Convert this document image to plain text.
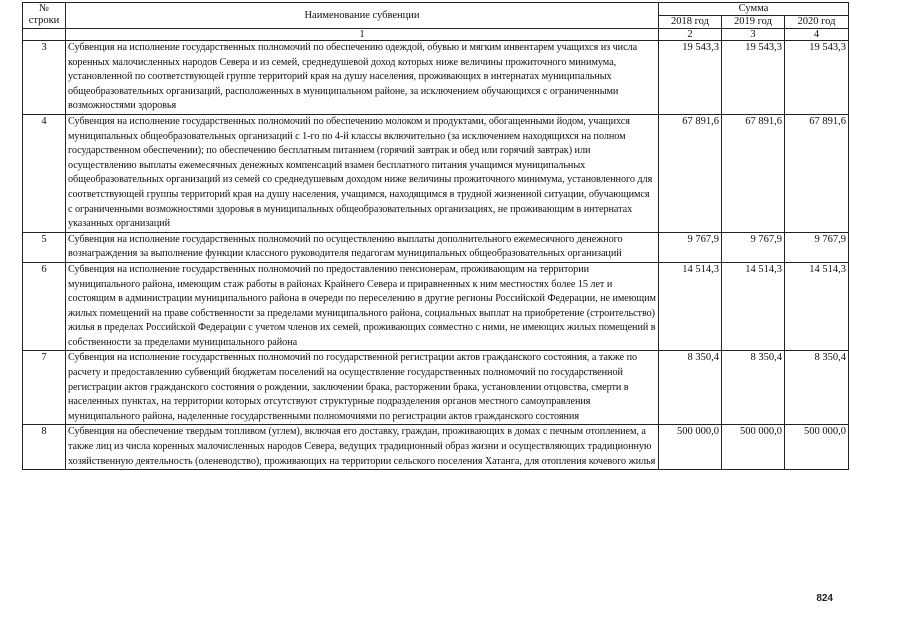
№
строки	Наименование субвенции	Сумма		
		2018 год	2019 год	2020 год
	1	2	3	4
3	Субвенция на исполнение государственных полномочий по обеспечению одеждой, обувью и мягким инвентарем учащихся из числа коренных малочисленных народов Севера и из семей, среднедушевой доход которых ниже величины прожиточного минимума, установленной по соответствующей группе территорий края на душу населения, проживающих в интернатах муниципальных общеобразовательных организаций, расположенных в муниципальном районе, за исключением обучающихся с ограниченными возможностями здоровья	19 543,3	19 543,3	19 543,3
4	Субвенция на исполнение государственных полномочий по обеспечению молоком и продуктами, обогащенными йодом, учащихся муниципальных общеобразовательных организаций с 1-го по 4-й классы включительно (за исключением находящихся на полном государственном обеспечении); по обеспечению бесплатным питанием (горячий завтрак и обед или горячий завтрак) или осуществлению выплаты ежемесячных денежных компенсаций взамен бесплатного питания учащимся муниципальных общеобразовательных организаций из семей со среднедушевым доходом ниже величины прожиточного минимума, установленного для соответствующей группы территорий края на душу населения, учащимся, находящимся в трудной жизненной ситуации, обучающимся с ограниченными возможностями здоровья в муниципальных общеобразовательных организациях, не проживающим в интернатах указанных организаций	67 891,6	67 891,6	67 891,6
5	Субвенция на исполнение государственных полномочий по осуществлению выплаты дополнительного ежемесячного денежного вознаграждения за выполнение функции классного руководителя педагогам муниципальных общеобразовательных организаций	9 767,9	9 767,9	9 767,9
6	Субвенция на исполнение государственных полномочий по предоставлению пенсионерам, проживающим на территории муниципального района, имеющим стаж работы в районах Крайнего Севера и приравненных к ним местностях более 15 лет и состоящим в администрации муниципального района в очереди по переселению в другие регионы Российской Федерации, не имеющим жилых помещений на праве собственности за пределами муниципального района, социальных выплат на приобретение (строительство) жилья в пределах Российской Федерации с учетом членов их семей, проживающих совместно с ними, не имеющих жилых помещений в собственности за пределами муниципального района	14 514,3	14 514,3	14 514,3
7	Субвенция на исполнение государственных полномочий по государственной регистрации актов гражданского состояния, а также по расчету и предоставлению субвенций бюджетам поселений на осуществление государственных полномочий по государственной регистрации актов гражданского состояния о рождении, заключении брака, расторжении брака, установлении отцовства, смерти в населенных пунктах, на территории которых отсутствуют структурные подразделения органов местного самоуправления муниципального района, наделенные государственными полномочиями по регистрации актов гражданского состояния	8 350,4	8 350,4	8 350,4
8	Субвенция на обеспечение твердым топливом (углем), включая его доставку, граждан, проживающих в домах с печным отоплением, а также лиц из числа коренных малочисленных народов Севера, ведущих традиционный образ жизни и осуществляющих традиционную хозяйственную деятельность (оленеводство), проживающих на территории сельского поселения Хатанга, для отопления кочевого жилья	500 000,0	500 000,0	500 000,0
824
